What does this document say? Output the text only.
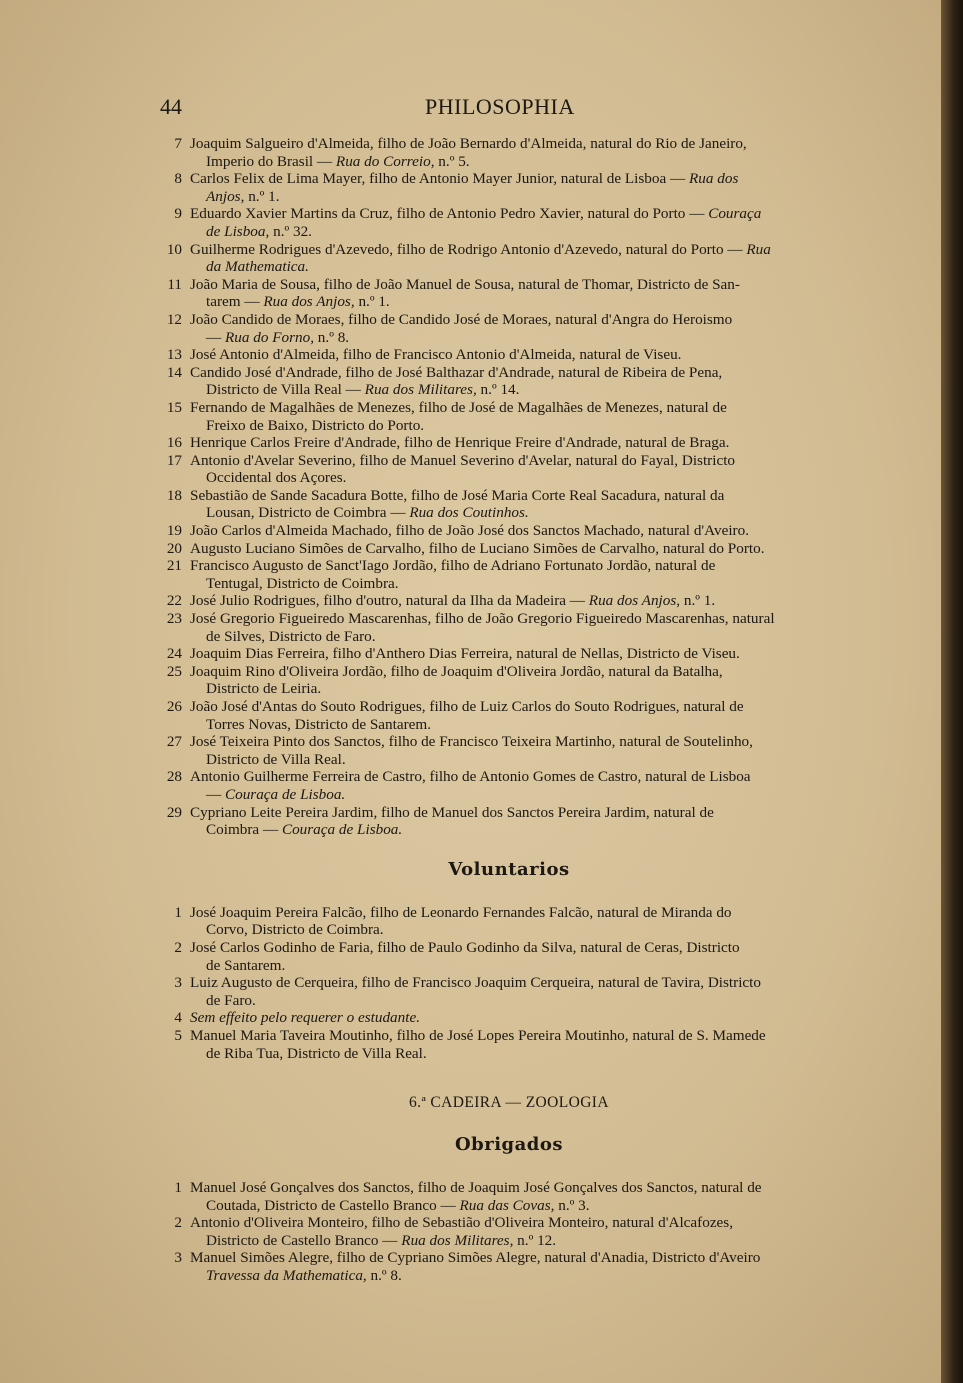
44	PHILOSOPHIA
7 Joaquim Salgueiro d'Almeida, filho de João Bernardo d'Almeida, natural do Rio de Janeiro,
Imperio do Brasil — Rua do Correio, n.º 5.
8 Carlos Felix de Lima Mayer, filho de Antonio Mayer Junior, natural de Lisboa — Rua dos
Anjos, n.º 1.
9 Eduardo Xavier Martins da Cruz, filho de Antonio Pedro Xavier, natural do Porto — Couraça
de Lisboa, n.º 32.
10 Guilherme Rodrigues d'Azevedo, filho de Rodrigo Antonio d'Azevedo, natural do Porto — Rua
da Mathematica.
11 João Maria de Sousa, filho de João Manuel de Sousa, natural de Thomar, Districto de San-
tarem — Rua dos Anjos, n.º 1.
12 João Candido de Moraes, filho de Candido José de Moraes, natural d'Angra do Heroismo
— Rua do Forno, n.º 8.
13 José Antonio d'Almeida, filho de Francisco Antonio d'Almeida, natural de Viseu.
14 Candido José d'Andrade, filho de José Balthazar d'Andrade, natural de Ribeira de Pena,
Districto de Villa Real — Rua dos Militares, n.º 14.
15 Fernando de Magalhães de Menezes, filho de José de Magalhães de Menezes, natural de
Freixo de Baixo, Districto do Porto.
16 Henrique Carlos Freire d'Andrade, filho de Henrique Freire d'Andrade, natural de Braga.
17 Antonio d'Avelar Severino, filho de Manuel Severino d'Avelar, natural do Fayal, Districto
Occidental dos Açores.
18 Sebastião de Sande Sacadura Botte, filho de José Maria Corte Real Sacadura, natural da
Lousan, Districto de Coimbra — Rua dos Coutinhos.
19 João Carlos d'Almeida Machado, filho de João José dos Sanctos Machado, natural d'Aveiro.
20 Augusto Luciano Simões de Carvalho, filho de Luciano Simões de Carvalho, natural do Porto.
21 Francisco Augusto de Sanct'Iago Jordão, filho de Adriano Fortunato Jordão, natural de
Tentugal, Districto de Coimbra.
22 José Julio Rodrigues, filho d'outro, natural da Ilha da Madeira — Rua dos Anjos, n.º 1.
23 José Gregorio Figueiredo Mascarenhas, filho de João Gregorio Figueiredo Mascarenhas, natural
de Silves, Districto de Faro.
24 Joaquim Dias Ferreira, filho d'Anthero Dias Ferreira, natural de Nellas, Districto de Viseu.
25 Joaquim Rino d'Oliveira Jordão, filho de Joaquim d'Oliveira Jordão, natural da Batalha,
Districto de Leiria.
26 João José d'Antas do Souto Rodrigues, filho de Luiz Carlos do Souto Rodrigues, natural de
Torres Novas, Districto de Santarem.
27 José Teixeira Pinto dos Sanctos, filho de Francisco Teixeira Martinho, natural de Soutelinho,
Districto de Villa Real.
28 Antonio Guilherme Ferreira de Castro, filho de Antonio Gomes de Castro, natural de Lisboa
— Couraça de Lisboa.
29 Cypriano Leite Pereira Jardim, filho de Manuel dos Sanctos Pereira Jardim, natural de
Coimbra — Couraça de Lisboa.
Voluntarios
1 José Joaquim Pereira Falcão, filho de Leonardo Fernandes Falcão, natural de Miranda do
Corvo, Districto de Coimbra.
2 José Carlos Godinho de Faria, filho de Paulo Godinho da Silva, natural de Ceras, Districto
de Santarem.
3 Luiz Augusto de Cerqueira, filho de Francisco Joaquim Cerqueira, natural de Tavira, Districto
de Faro.
4 Sem effeito pelo requerer o estudante.
5 Manuel Maria Taveira Moutinho, filho de José Lopes Pereira Moutinho, natural de S. Mamede
de Riba Tua, Districto de Villa Real.
6.ª CADEIRA — ZOOLOGIA
Obrigados
1 Manuel José Gonçalves dos Sanctos, filho de Joaquim José Gonçalves dos Sanctos, natural de
Coutada, Districto de Castello Branco — Rua das Covas, n.º 3.
2 Antonio d'Oliveira Monteiro, filho de Sebastião d'Oliveira Monteiro, natural d'Alcafozes,
Districto de Castello Branco — Rua dos Militares, n.º 12.
3 Manuel Simões Alegre, filho de Cypriano Simões Alegre, natural d'Anadia, Districto d'Aveiro
Travessa da Mathematica, n.º 8.
